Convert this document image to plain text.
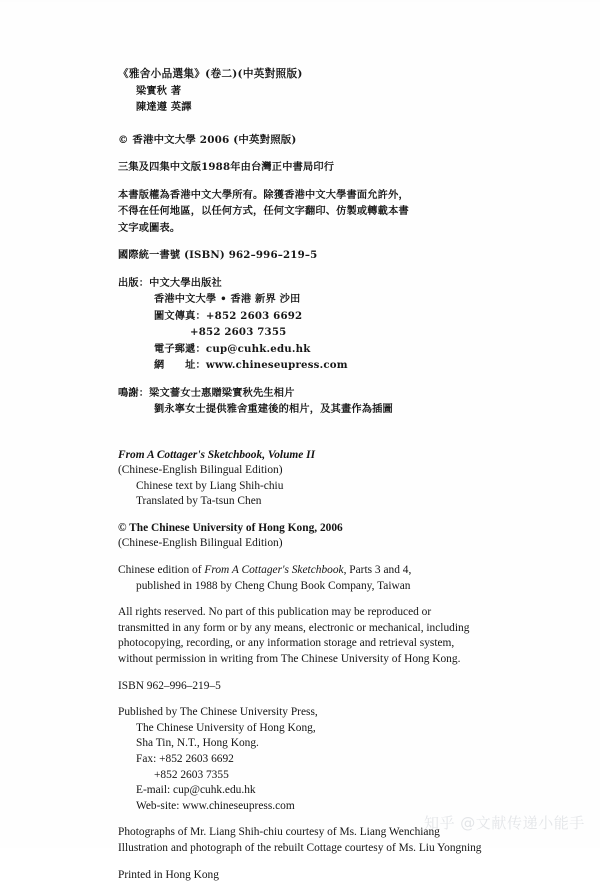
《雅舍小品選集》(卷二)(中英對照版)
梁實秋 著
陳達遵 英譯
© 香港中文大學 2006 (中英對照版)
三集及四集中文版1988年由台灣正中書局印行
本書版權為香港中文大學所有。除獲香港中文大學書面允許外，
不得在任何地區，以任何方式，任何文字翻印、仿製或轉載本書
文字或圖表。
國際統一書號 (ISBN) 962–996–219–5
出版：中文大學出版社
香港中文大學 • 香港 新界 沙田
圖文傳真：+852 2603 6692
+852 2603 7355
電子郵遞：cup@cuhk.edu.hk
網　　址：www.chineseupress.com
鳴謝：梁文薔女士惠贈梁實秋先生相片
劉永寧女士提供雅舍重建後的相片，及其畫作為插圖
From A Cottager's Sketchbook, Volume II
(Chinese-English Bilingual Edition)
Chinese text by Liang Shih-chiu
Translated by Ta-tsun Chen
© The Chinese University of Hong Kong, 2006
(Chinese-English Bilingual Edition)
Chinese edition of From A Cottager's Sketchbook, Parts 3 and 4,
published in 1988 by Cheng Chung Book Company, Taiwan
All rights reserved. No part of this publication may be reproduced or
transmitted in any form or by any means, electronic or mechanical, including
photocopying, recording, or any information storage and retrieval system,
without permission in writing from The Chinese University of Hong Kong.
ISBN 962–996–219–5
Published by The Chinese University Press,
The Chinese University of Hong Kong,
Sha Tin, N.T., Hong Kong.
Fax: +852 2603 6692
+852 2603 7355
E-mail: cup@cuhk.edu.hk
Web-site: www.chineseupress.com
Photographs of Mr. Liang Shih-chiu courtesy of Ms. Liang Wenchiang
Illustration and photograph of the rebuilt Cottage courtesy of Ms. Liu Yongning
Printed in Hong Kong
知乎 @文献传递小能手
